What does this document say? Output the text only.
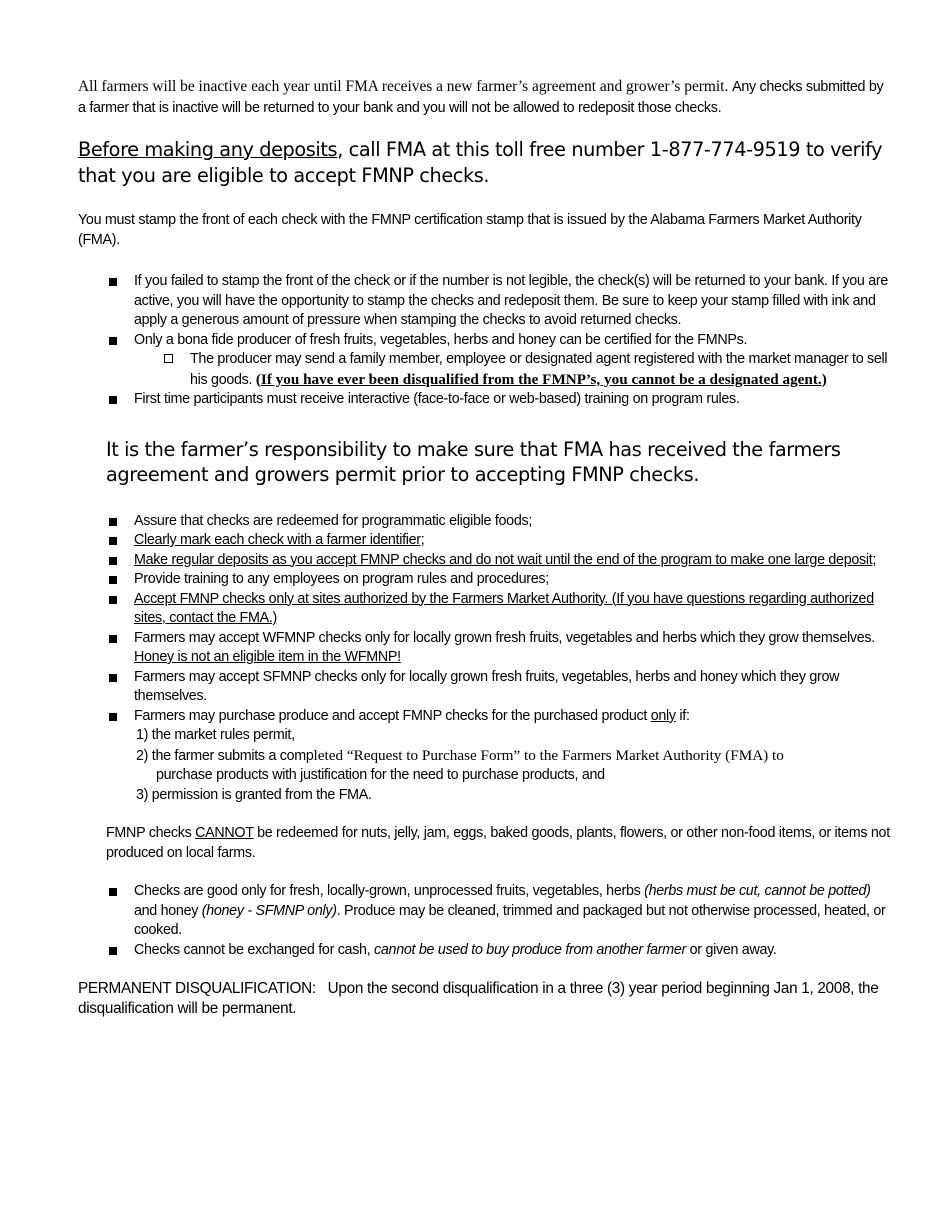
All farmers will be inactive each year until FMA receives a new farmer’s agreement and grower’s permit. Any checks submitted by a farmer that is inactive will be returned to your bank and you will not be allowed to redeposit those checks.

Before making any deposits, call FMA at this toll free number 1-877-774-9519 to verify that you are eligible to accept FMNP checks.

You must stamp the front of each check with the FMNP certification stamp that is issued by the Alabama Farmers Market Authority (FMA).

If you failed to stamp the front of the check or if the number is not legible, the check(s) will be returned to your bank. If you are active, you will have the opportunity to stamp the checks and redeposit them. Be sure to keep your stamp filled with ink and apply a generous amount of pressure when stamping the checks to avoid returned checks.
Only a bona fide producer of fresh fruits, vegetables, herbs and honey can be certified for the FMNPs.
The producer may send a family member, employee or designated agent registered with the market manager to sell his goods. (If you have ever been disqualified from the FMNP’s, you cannot be a designated agent.)
First time participants must receive interactive (face-to-face or web-based) training on program rules.

It is the farmer’s responsibility to make sure that FMA has received the farmers agreement and growers permit prior to accepting FMNP checks.

Assure that checks are redeemed for programmatic eligible foods;
Clearly mark each check with a farmer identifier;
Make regular deposits as you accept FMNP checks and do not wait until the end of the program to make one large deposit;
Provide training to any employees on program rules and procedures;
Accept FMNP checks only at sites authorized by the Farmers Market Authority. (If you have questions regarding authorized sites, contact the FMA.)
Farmers may accept WFMNP checks only for locally grown fresh fruits, vegetables and herbs which they grow themselves. Honey is not an eligible item in the WFMNP!
Farmers may accept SFMNP checks only for locally grown fresh fruits, vegetables, herbs and honey which they grow themselves.
Farmers may purchase produce and accept FMNP checks for the purchased product only if:
1) the market rules permit,
2) the farmer submits a completed “Request to Purchase Form” to the Farmers Market Authority (FMA) to
purchase products with justification for the need to purchase products, and
3) permission is granted from the FMA.

FMNP checks CANNOT be redeemed for nuts, jelly, jam, eggs, baked goods, plants, flowers, or other non-food items, or items not produced on local farms.

Checks are good only for fresh, locally-grown, unprocessed fruits, vegetables, herbs (herbs must be cut, cannot be potted) and honey (honey - SFMNP only). Produce may be cleaned, trimmed and packaged but not otherwise processed, heated, or cooked.
Checks cannot be exchanged for cash, cannot be used to buy produce from another farmer or given away.

PERMANENT DISQUALIFICATION:   Upon the second disqualification in a three (3) year period beginning Jan 1, 2008, the disqualification will be permanent.
